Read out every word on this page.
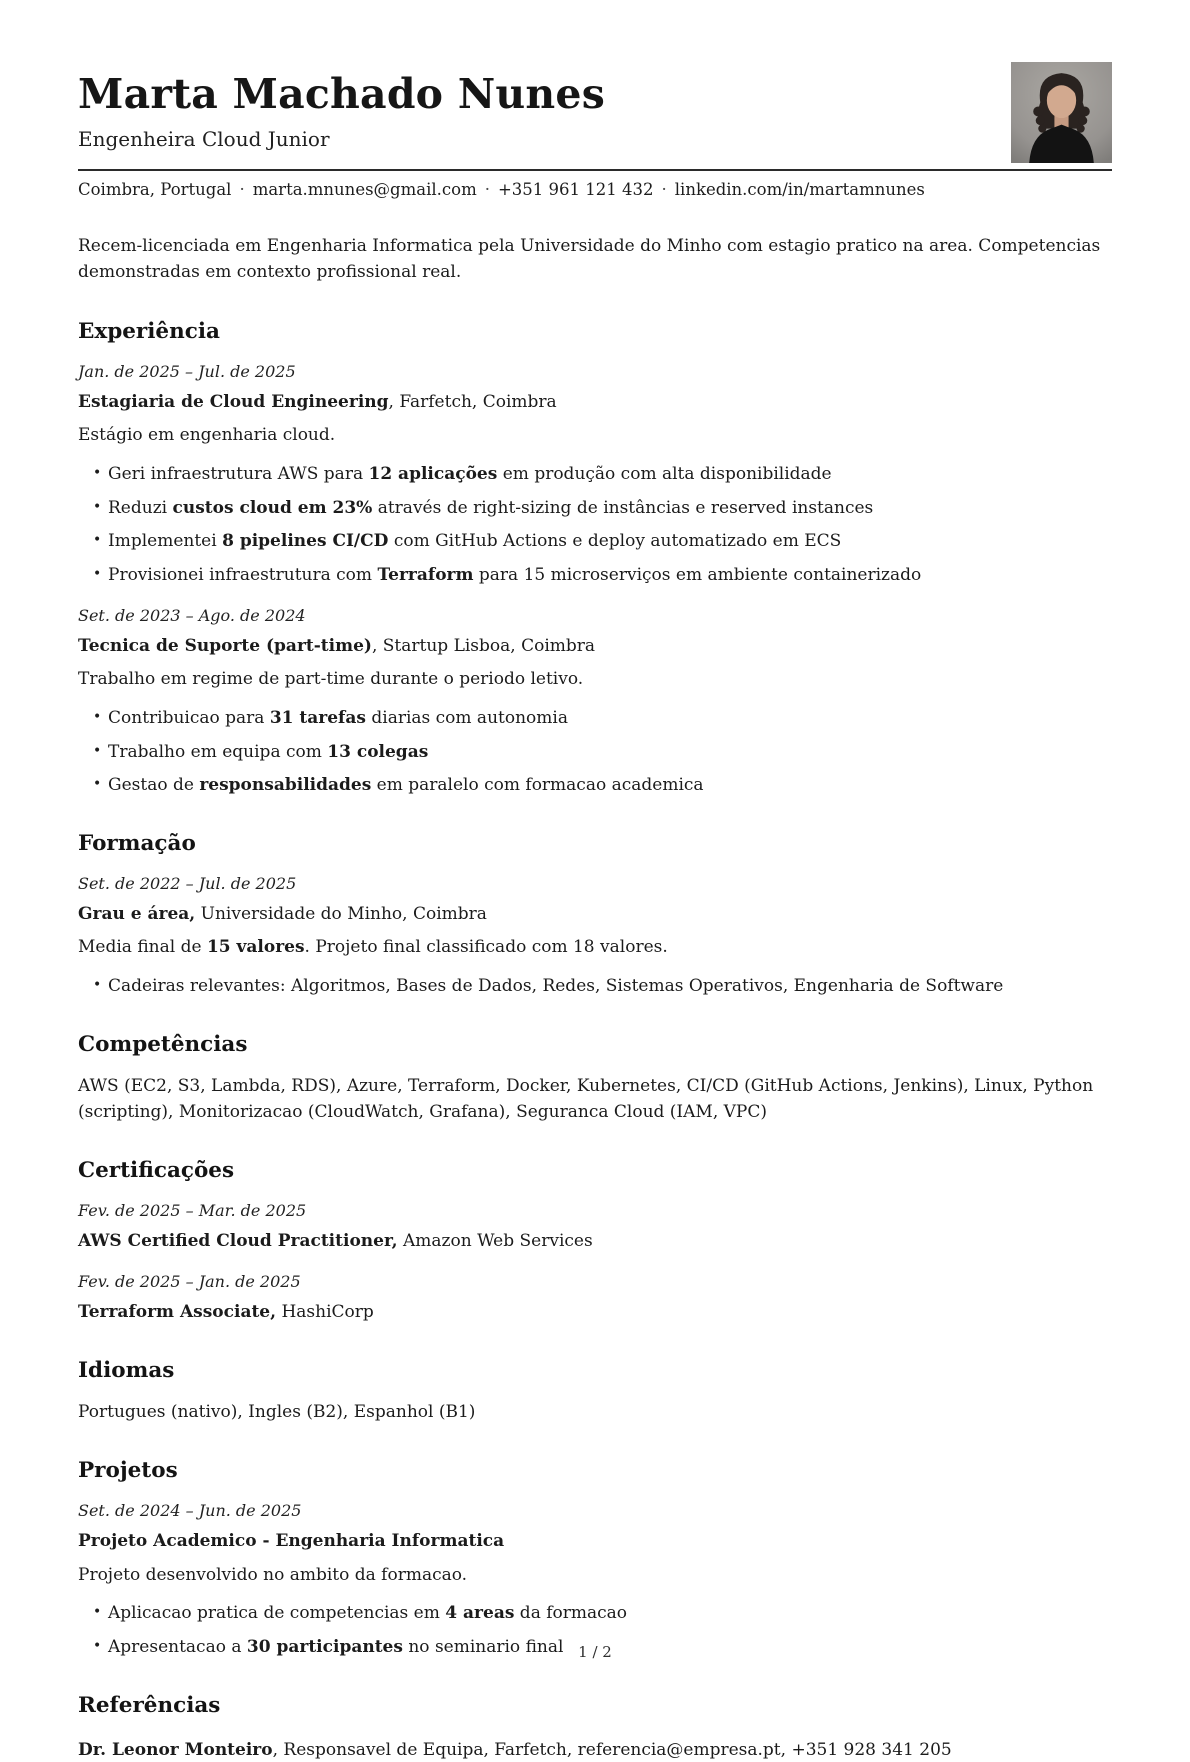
Marta Machado Nunes
Engenheira Cloud Junior
Coimbra, Portugal · marta.mnunes@gmail.com · +351 961 121 432 · linkedin.com/in/martamnunes

Recem-licenciada em Engenharia Informatica pela Universidade do Minho com estagio pratico na area. Competencias demonstradas em contexto profissional real.

Experiência
Jan. de 2025 – Jul. de 2025
Estagiaria de Cloud Engineering, Farfetch, Coimbra
Estágio em engenharia cloud.
• Geri infraestrutura AWS para 12 aplicações em produção com alta disponibilidade
• Reduzi custos cloud em 23% através de right-sizing de instâncias e reserved instances
• Implementei 8 pipelines CI/CD com GitHub Actions e deploy automatizado em ECS
• Provisionei infraestrutura com Terraform para 15 microserviços em ambiente containerizado
Set. de 2023 – Ago. de 2024
Tecnica de Suporte (part-time), Startup Lisboa, Coimbra
Trabalho em regime de part-time durante o periodo letivo.
• Contribuicao para 31 tarefas diarias com autonomia
• Trabalho em equipa com 13 colegas
• Gestao de responsabilidades em paralelo com formacao academica
Formação
Set. de 2022 – Jul. de 2025
Grau e área, Universidade do Minho, Coimbra
Media final de 15 valores. Projeto final classificado com 18 valores.
• Cadeiras relevantes: Algoritmos, Bases de Dados, Redes, Sistemas Operativos, Engenharia de Software
Competências

AWS (EC2, S3, Lambda, RDS), Azure, Terraform, Docker, Kubernetes, CI/CD (GitHub Actions, Jenkins), Linux, Python (scripting), Monitorizacao (CloudWatch, Grafana), Seguranca Cloud (IAM, VPC)

Certificações
Fev. de 2025 – Mar. de 2025
AWS Certified Cloud Practitioner, Amazon Web Services
Fev. de 2025 – Jan. de 2025
Terraform Associate, HashiCorp
Idiomas

Portugues (nativo), Ingles (B2), Espanhol (B1)

Projetos
Set. de 2024 – Jun. de 2025
Projeto Academico - Engenharia Informatica
Projeto desenvolvido no ambito da formacao.
• Aplicacao pratica de competencias em 4 areas da formacao
• Apresentacao a 30 participantes no seminario final
Referências
Dr. Leonor Monteiro, Responsavel de Equipa, Farfetch, referencia@empresa.pt, +351 928 341 205
1 / 2
